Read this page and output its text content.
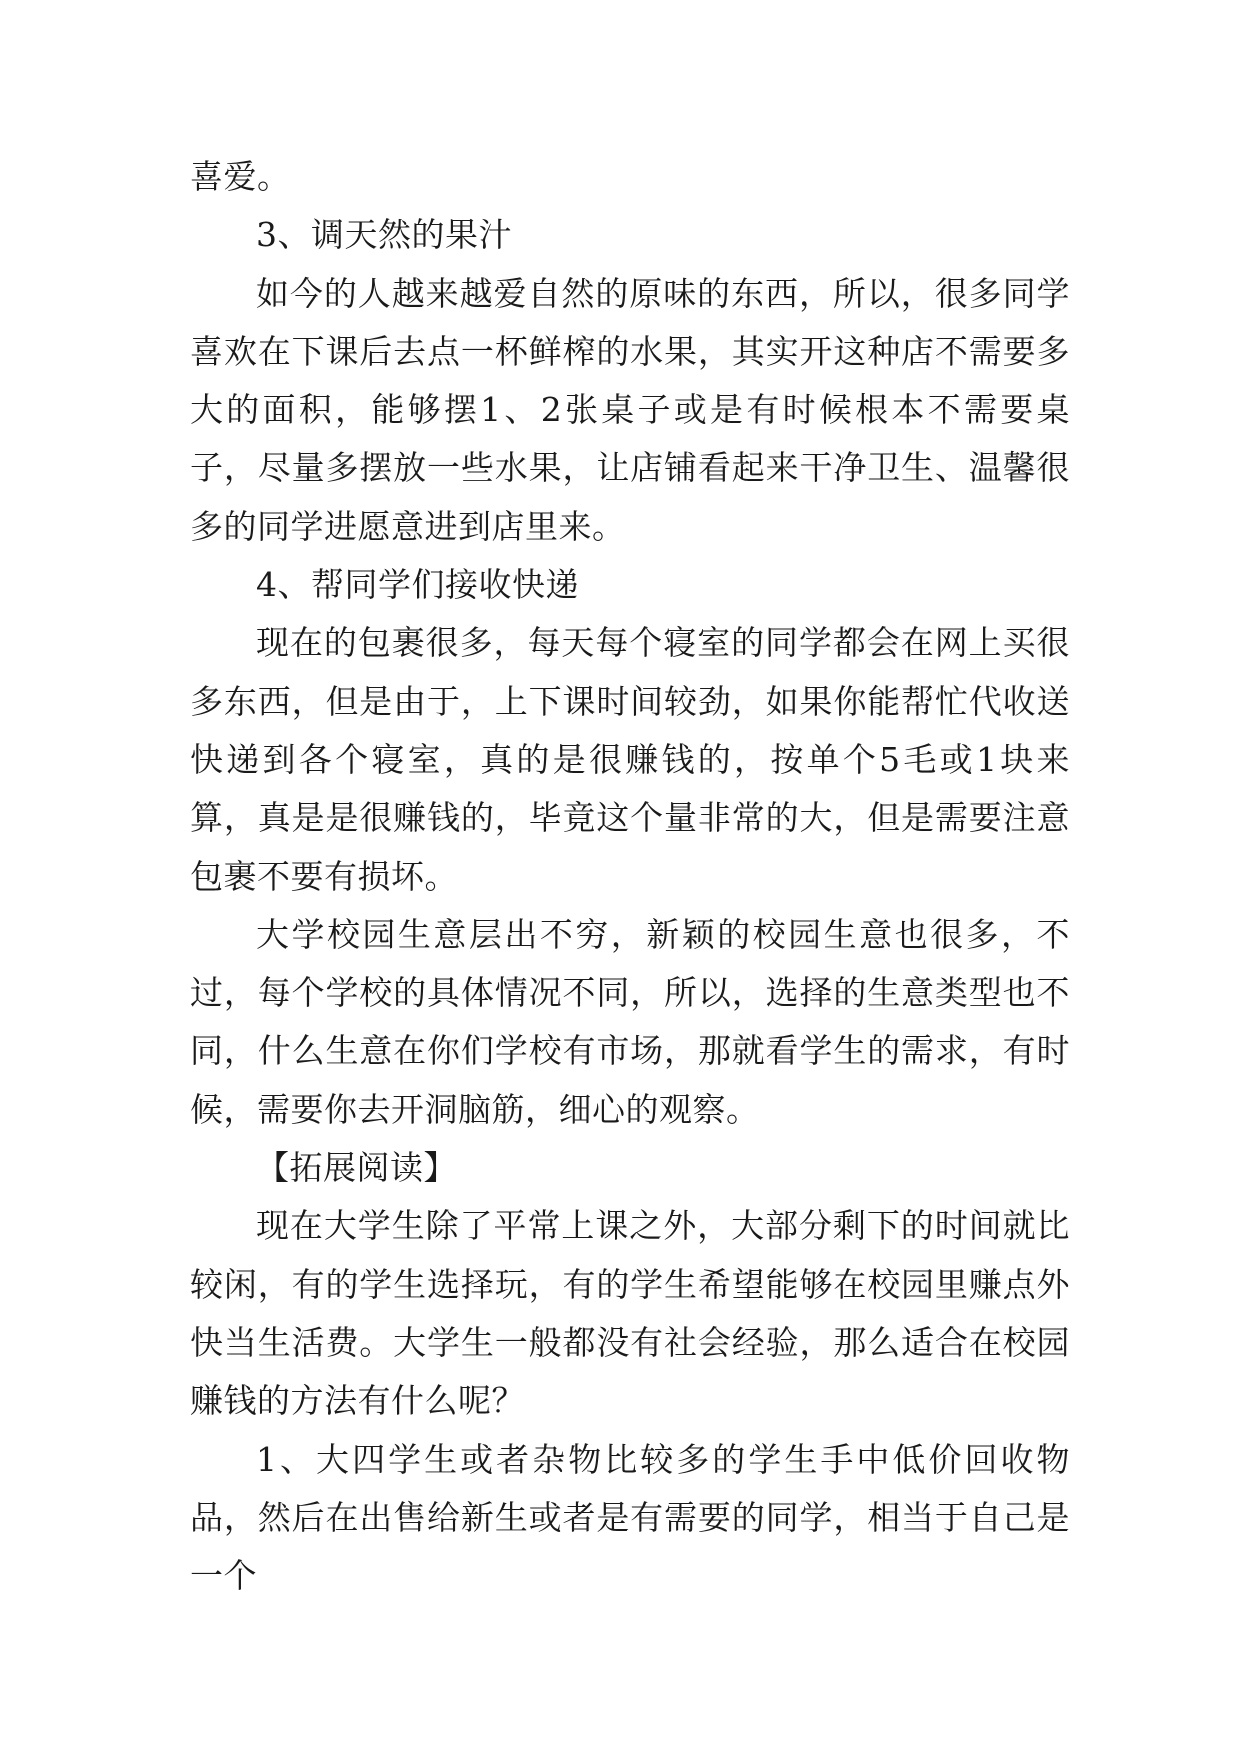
喜爱。

3、调天然的果汁

如今的人越来越爱自然的原味的东西，所以，很多同学喜欢在下课后去点一杯鲜榨的水果，其实开这种店不需要多大的面积，能够摆1、2张桌子或是有时候根本不需要桌子，尽量多摆放一些水果，让店铺看起来干净卫生、温馨很多的同学进愿意进到店里来。

4、帮同学们接收快递

现在的包裹很多，每天每个寝室的同学都会在网上买很多东西，但是由于，上下课时间较劲，如果你能帮忙代收送快递到各个寝室，真的是很赚钱的，按单个5毛或1块来算，真是是很赚钱的，毕竟这个量非常的大，但是需要注意包裹不要有损坏。

大学校园生意层出不穷，新颖的校园生意也很多，不过，每个学校的具体情况不同，所以，选择的生意类型也不同，什么生意在你们学校有市场，那就看学生的需求，有时候，需要你去开洞脑筋，细心的观察。

【拓展阅读】

现在大学生除了平常上课之外，大部分剩下的时间就比较闲，有的学生选择玩，有的学生希望能够在校园里赚点外快当生活费。大学生一般都没有社会经验，那么适合在校园赚钱的方法有什么呢？

1、大四学生或者杂物比较多的学生手中低价回收物品，然后在出售给新生或者是有需要的同学，相当于自己是一个
